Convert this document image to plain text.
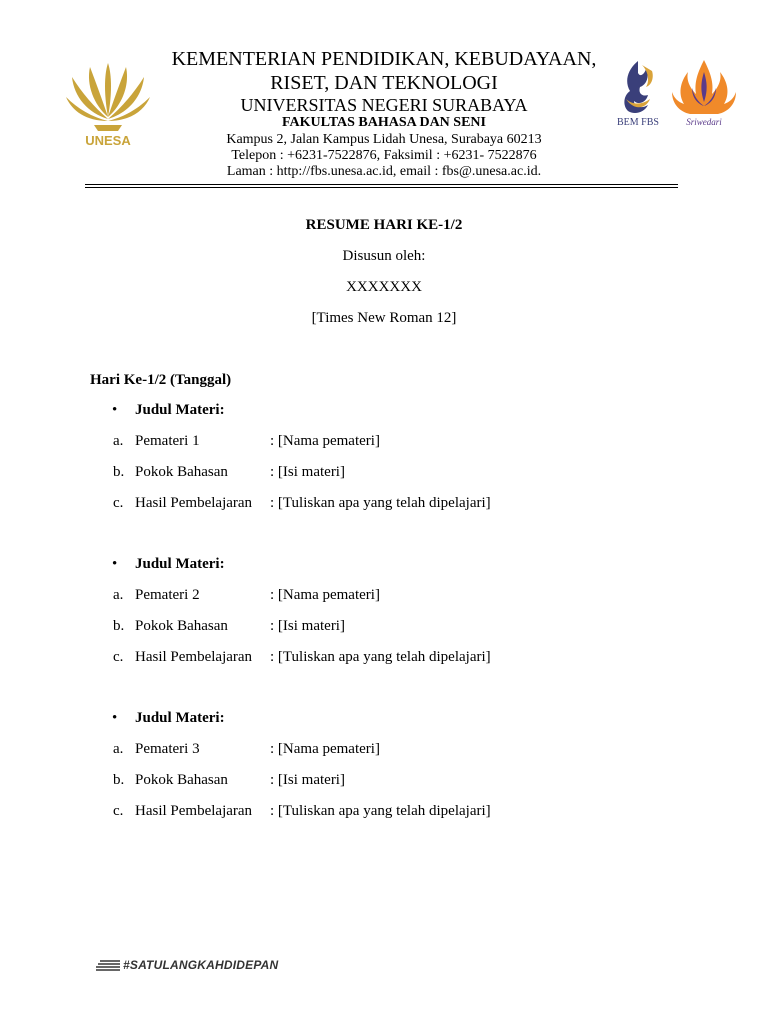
UNESA
KEMENTERIAN PENDIDIKAN, KEBUDAYAAN,
RISET, DAN TEKNOLOGI
UNIVERSITAS NEGERI SURABAYA
FAKULTAS BAHASA DAN SENI
Kampus 2, Jalan Kampus Lidah Unesa, Surabaya 60213
Telepon : +6231-7522876, Faksimil : +6231- 7522876
Laman : http://fbs.unesa.ac.id, email : fbs@.unesa.ac.id.
BEM FBS	Sriwedari
RESUME HARI KE-1/2
Disusun oleh:
XXXXXXX
[Times New Roman 12]
Hari Ke-1/2 (Tanggal)
• Judul Materi:
a. Pemateri 1	: [Nama pemateri]
b. Pokok Bahasan	: [Isi materi]
c. Hasil Pembelajaran : [Tuliskan apa yang telah dipelajari]
• Judul Materi:
a. Pemateri 2	: [Nama pemateri]
b. Pokok Bahasan	: [Isi materi]
c. Hasil Pembelajaran : [Tuliskan apa yang telah dipelajari]
• Judul Materi:
a. Pemateri 3	: [Nama pemateri]
b. Pokok Bahasan	: [Isi materi]
c. Hasil Pembelajaran : [Tuliskan apa yang telah dipelajari]
#SATULANGKAHDIDEPAN
